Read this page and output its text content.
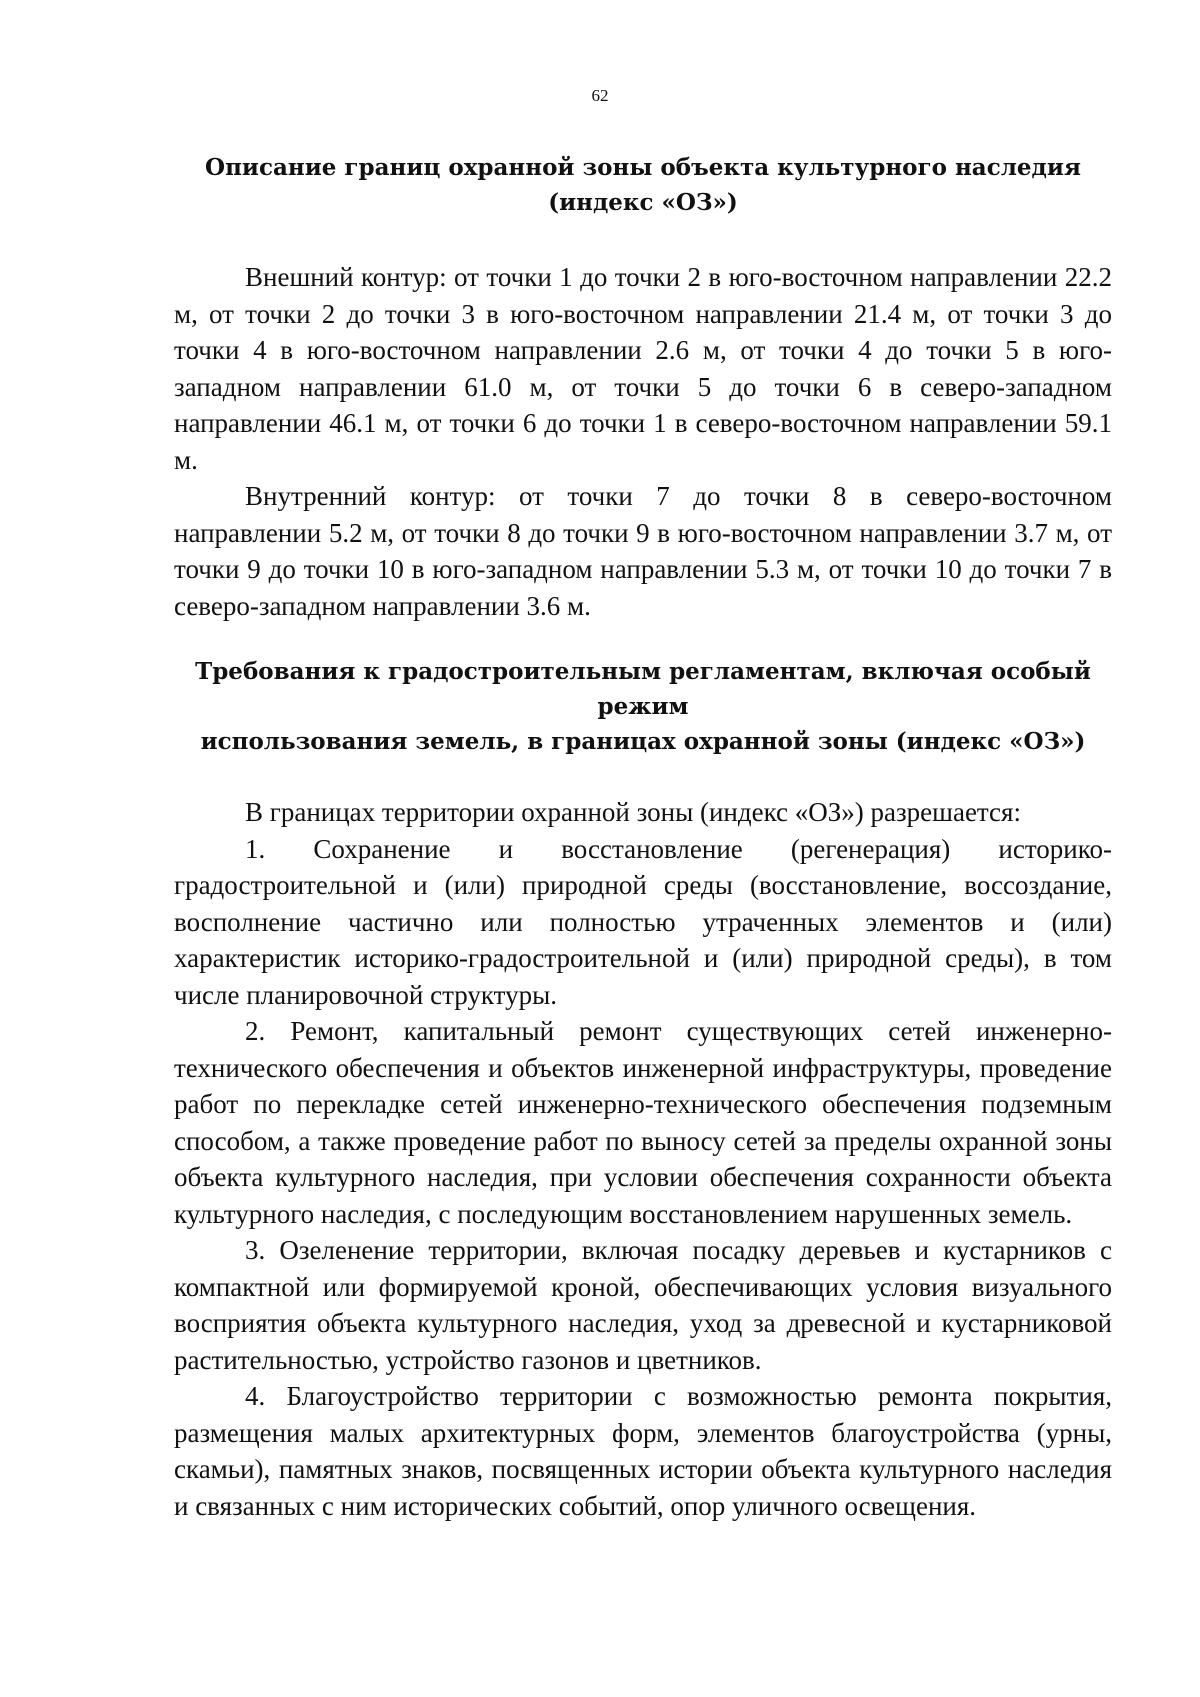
62
Описание границ охранной зоны объекта культурного наследия
(индекс «ОЗ»)

Внешний контур: от точки 1 до точки 2 в юго-восточном направлении 22.2 м, от точки 2 до точки 3 в юго-восточном направлении 21.4 м, от точки 3 до точки 4 в юго-восточном направлении 2.6 м, от точки 4 до точки 5 в юго-западном направлении 61.0 м, от точки 5 до точки 6 в северо-западном направлении 46.1 м, от точки 6 до точки 1 в северо-восточном направлении 59.1 м.

Внутренний контур: от точки 7 до точки 8 в северо-восточном направлении 5.2 м, от точки 8 до точки 9 в юго-восточном направлении 3.7 м, от точки 9 до точки 10 в юго-западном направлении 5.3 м, от точки 10 до точки 7 в северо-западном направлении 3.6 м.

Требования к градостроительным регламентам, включая особый режим
использования земель, в границах охранной зоны (индекс «ОЗ»)

В границах территории охранной зоны (индекс «ОЗ») разрешается:

1. Сохранение и восстановление (регенерация) историко-градостроительной и (или) природной среды (восстановление, воссоздание, восполнение частично или полностью утраченных элементов и (или) характеристик историко-градостроительной и (или) природной среды), в том числе планировочной структуры.

2. Ремонт, капитальный ремонт существующих сетей инженерно-технического обеспечения и объектов инженерной инфраструктуры, проведение работ по перекладке сетей инженерно-технического обеспечения подземным способом, а также проведение работ по выносу сетей за пределы охранной зоны объекта культурного наследия, при условии обеспечения сохранности объекта культурного наследия, с последующим восстановлением нарушенных земель.

3. Озеленение территории, включая посадку деревьев и кустарников с компактной или формируемой кроной, обеспечивающих условия визуального восприятия объекта культурного наследия, уход за древесной и кустарниковой растительностью, устройство газонов и цветников.

4. Благоустройство территории с возможностью ремонта покрытия, размещения малых архитектурных форм, элементов благоустройства (урны, скамьи), памятных знаков, посвященных истории объекта культурного наследия и связанных с ним исторических событий, опор уличного освещения.
